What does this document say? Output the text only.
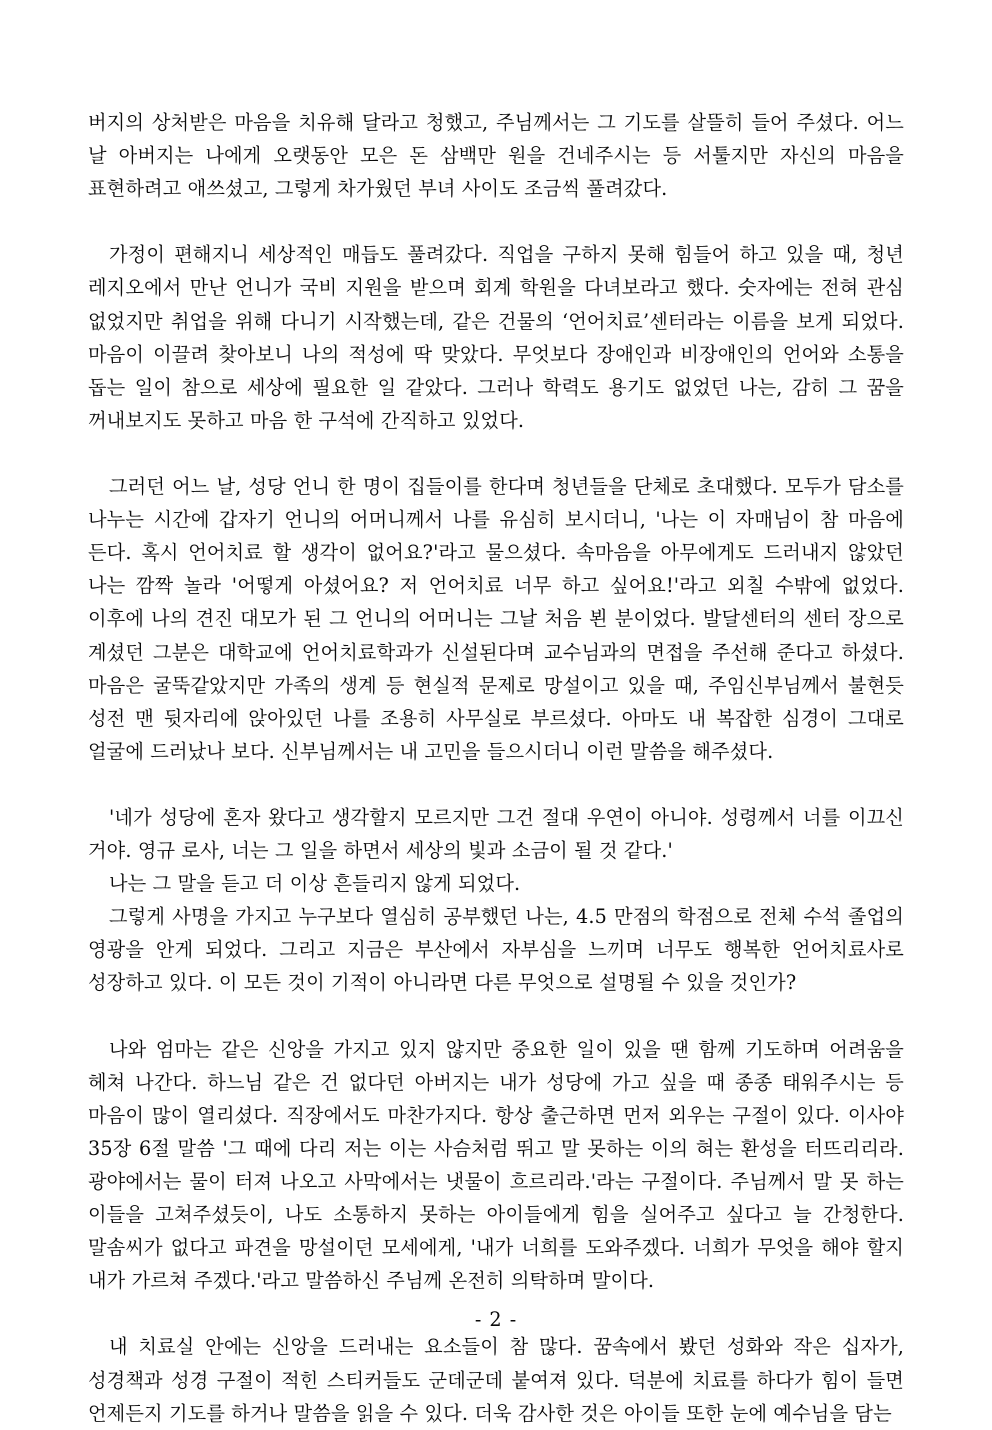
버지의 상처받은 마음을 치유해 달라고 청했고, 주님께서는 그 기도를 살뜰히 들어 주셨다. 어느 날 아버지는 나에게 오랫동안 모은 돈 삼백만 원을 건네주시는 등 서툴지만 자신의 마음을 표현하려고 애쓰셨고, 그렇게 차가웠던 부녀 사이도 조금씩 풀려갔다.

가정이 편해지니 세상적인 매듭도 풀려갔다. 직업을 구하지 못해 힘들어 하고 있을 때, 청년 레지오에서 만난 언니가 국비 지원을 받으며 회계 학원을 다녀보라고 했다. 숫자에는 전혀 관심 없었지만 취업을 위해 다니기 시작했는데, 같은 건물의 ‘언어치료’센터라는 이름을 보게 되었다. 마음이 이끌려 찾아보니 나의 적성에 딱 맞았다. 무엇보다 장애인과 비장애인의 언어와 소통을 돕는 일이 참으로 세상에 필요한 일 같았다. 그러나 학력도 용기도 없었던 나는, 감히 그 꿈을 꺼내보지도 못하고 마음 한 구석에 간직하고 있었다.

그러던 어느 날, 성당 언니 한 명이 집들이를 한다며 청년들을 단체로 초대했다. 모두가 담소를 나누는 시간에 갑자기 언니의 어머니께서 나를 유심히 보시더니, '나는 이 자매님이 참 마음에 든다. 혹시 언어치료 할 생각이 없어요?'라고 물으셨다. 속마음을 아무에게도 드러내지 않았던 나는 깜짝 놀라 '어떻게 아셨어요? 저 언어치료 너무 하고 싶어요!'라고 외칠 수밖에 없었다. 이후에 나의 견진 대모가 된 그 언니의 어머니는 그날 처음 뵌 분이었다. 발달센터의 센터 장으로 계셨던 그분은 대학교에 언어치료학과가 신설된다며 교수님과의 면접을 주선해 준다고 하셨다. 마음은 굴뚝같았지만 가족의 생계 등 현실적 문제로 망설이고 있을 때, 주임신부님께서 불현듯 성전 맨 뒷자리에 앉아있던 나를 조용히 사무실로 부르셨다. 아마도 내 복잡한 심경이 그대로 얼굴에 드러났나 보다. 신부님께서는 내 고민을 들으시더니 이런 말씀을 해주셨다.

'네가 성당에 혼자 왔다고 생각할지 모르지만 그건 절대 우연이 아니야. 성령께서 너를 이끄신 거야. 영규 로사, 너는 그 일을 하면서 세상의 빛과 소금이 될 것 같다.'

나는 그 말을 듣고 더 이상 흔들리지 않게 되었다.

그렇게 사명을 가지고 누구보다 열심히 공부했던 나는, 4.5 만점의 학점으로 전체 수석 졸업의 영광을 안게 되었다. 그리고 지금은 부산에서 자부심을 느끼며 너무도 행복한 언어치료사로 성장하고 있다. 이 모든 것이 기적이 아니라면 다른 무엇으로 설명될 수 있을 것인가?

나와 엄마는 같은 신앙을 가지고 있지 않지만 중요한 일이 있을 땐 함께 기도하며 어려움을 헤쳐 나간다. 하느님 같은 건 없다던 아버지는 내가 성당에 가고 싶을 때 종종 태워주시는 등 마음이 많이 열리셨다. 직장에서도 마찬가지다. 항상 출근하면 먼저 외우는 구절이 있다. 이사야 35장 6절 말씀 '그 때에 다리 저는 이는 사슴처럼 뛰고 말 못하는 이의 혀는 환성을 터뜨리리라. 광야에서는 물이 터져 나오고 사막에서는 냇물이 흐르리라.'라는 구절이다. 주님께서 말 못 하는 이들을 고쳐주셨듯이, 나도 소통하지 못하는 아이들에게 힘을 실어주고 싶다고 늘 간청한다. 말솜씨가 없다고 파견을 망설이던 모세에게, '내가 너희를 도와주겠다. 너희가 무엇을 해야 할지 내가 가르쳐 주겠다.'라고 말씀하신 주님께 온전히 의탁하며 말이다.

내 치료실 안에는 신앙을 드러내는 요소들이 참 많다. 꿈속에서 봤던 성화와 작은 십자가, 성경책과 성경 구절이 적힌 스티커들도 군데군데 붙여져 있다. 덕분에 치료를 하다가 힘이 들면 언제든지 기도를 하거나 말씀을 읽을 수 있다. 더욱 감사한 것은 아이들 또한 눈에 예수님을 담는

- 2 -
